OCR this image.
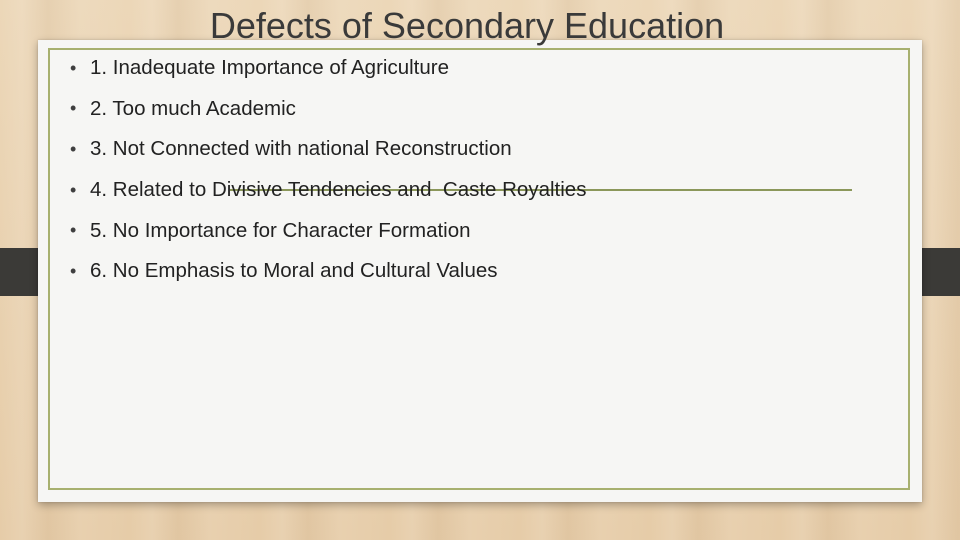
Defects of Secondary Education
• 1. Inadequate Importance of Agriculture
• 2. Too much Academic
• 3. Not Connected with national Reconstruction
• 4. Related to Divisive Tendencies and  Caste Royalties
• 5. No Importance for Character Formation
• 6. No Emphasis to Moral and Cultural Values
